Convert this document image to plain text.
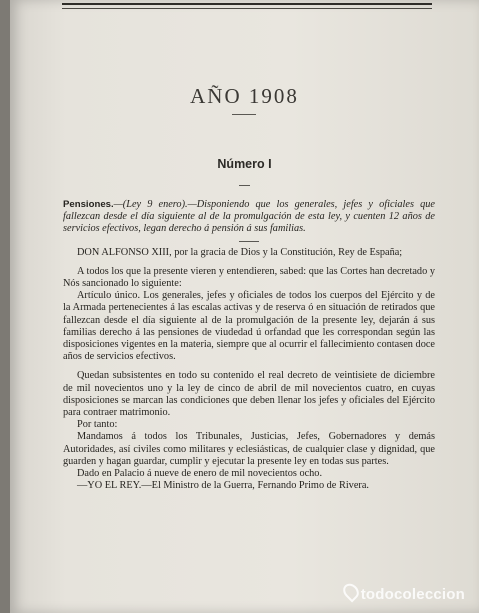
AÑO 1908
Número I

Pensiones.—(Ley 9 enero).—Disponiendo que los generales, jefes y oficiales que fallezcan desde el día siguiente al de la promulgación de esta ley, y cuenten 12 años de servicios efectivos, legan derecho á pensión á sus familias.

DON ALFONSO XIII, por la gracia de Dios y la Constitución, Rey de España;

A todos los que la presente vieren y entendieren, sabed: que las Cortes han decretado y Nós sancionado lo siguiente:

Artículo único. Los generales, jefes y oficiales de todos los cuerpos del Ejército y de la Armada pertenecientes á las escalas activas y de reserva ó en situación de retirados que fallezcan desde el día siguiente al de la promulgación de la presente ley, dejarán á sus familias derecho á las pensiones de viudedad ú orfandad que les correspondan según las disposiciones vigentes en la materia, siempre que al ocurrir el fallecimiento contasen doce años de servicios efectivos.

Quedan subsistentes en todo su contenido el real decreto de veintisiete de diciembre de mil novecientos uno y la ley de cinco de abril de mil novecientos cuatro, en cuyas disposiciones se marcan las condiciones que deben llenar los jefes y oficiales del Ejército para contraer matrimonio.

Por tanto:

Mandamos á todos los Tribunales, Justicias, Jefes, Gobernadores y demás Autoridades, así civiles como militares y eclesiásticas, de cualquier clase y dignidad, que guarden y hagan guardar, cumplir y ejecutar la presente ley en todas sus partes.

Dado en Palacio á nueve de enero de mil novecientos ocho.

—YO EL REY.—El Ministro de la Guerra, Fernando Primo de Rivera.

todocoleccion
